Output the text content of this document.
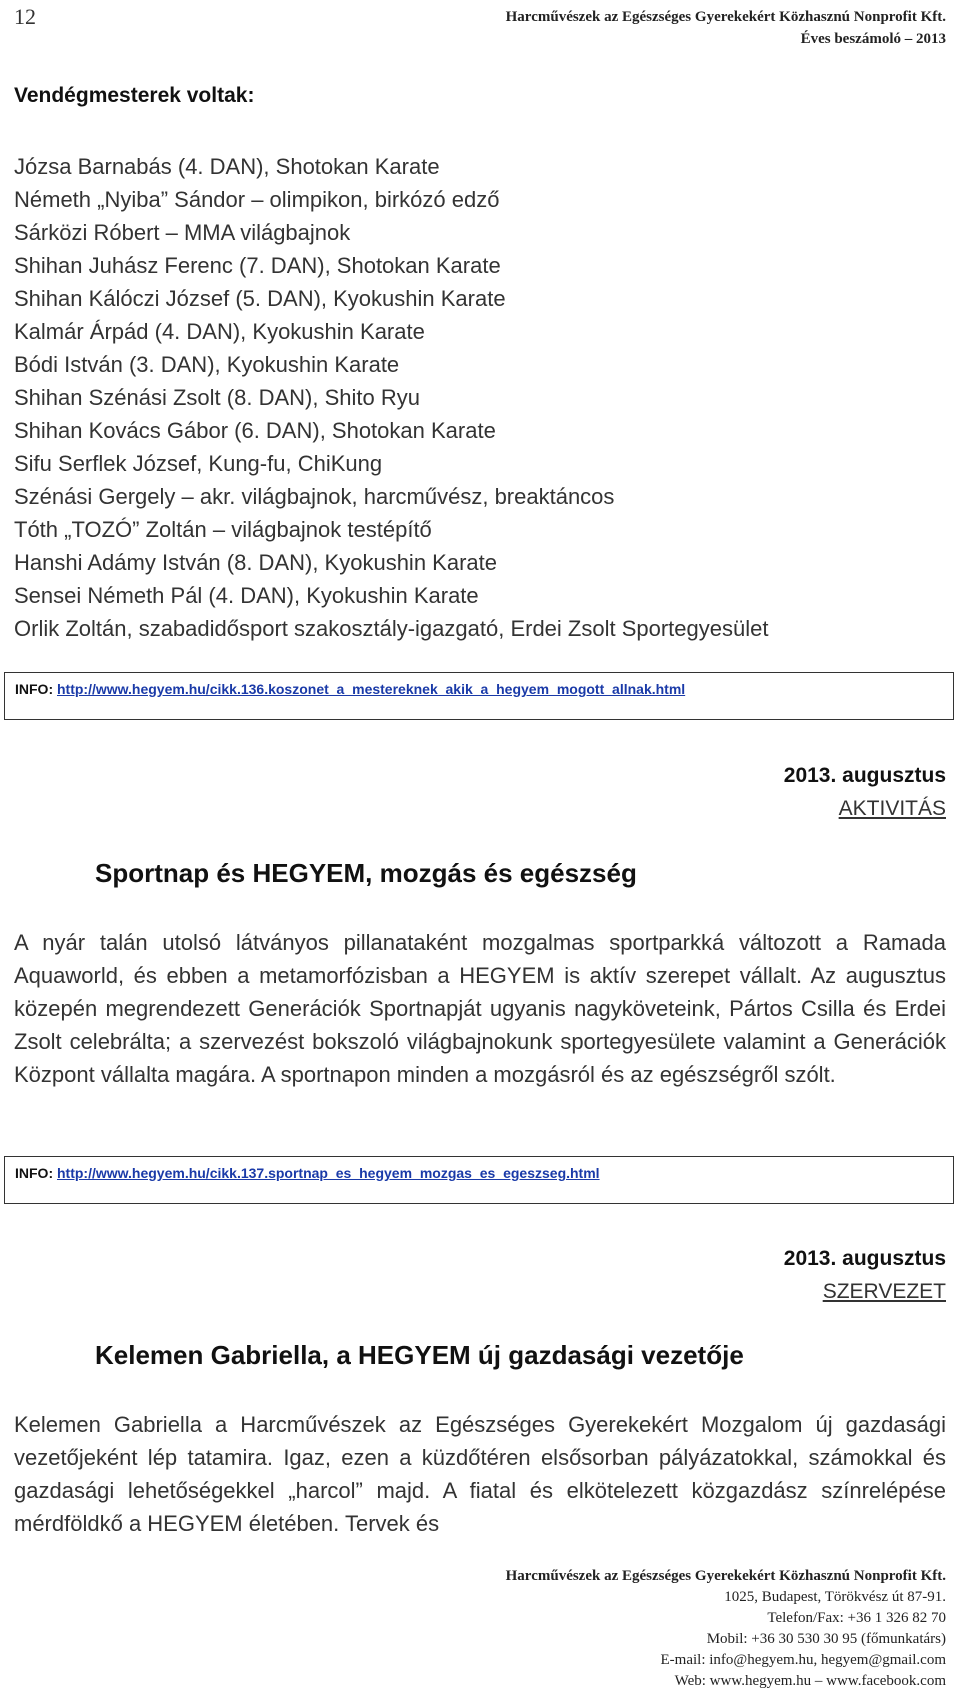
12	Harcművészek az Egészséges Gyerekekért Közhasznú Nonprofit Kft.
Éves beszámoló – 2013
Vendégmesterek voltak:
Józsa Barnabás (4. DAN), Shotokan Karate
Németh „Nyiba” Sándor – olimpikon, birkózó edző
Sárközi Róbert – MMA világbajnok
Shihan Juhász Ferenc (7. DAN), Shotokan Karate
Shihan Kálóczi József (5. DAN), Kyokushin Karate
Kalmár Árpád (4. DAN), Kyokushin Karate
Bódi István (3. DAN), Kyokushin Karate
Shihan Szénási Zsolt (8. DAN), Shito Ryu
Shihan Kovács Gábor (6. DAN), Shotokan Karate
Sifu Serflek József, Kung-fu, ChiKung
Szénási Gergely – akr. világbajnok, harcművész, breaktáncos
Tóth „TOZÓ” Zoltán – világbajnok testépítő
Hanshi Adámy István (8. DAN), Kyokushin Karate
Sensei Németh Pál (4. DAN), Kyokushin Karate
Orlik Zoltán, szabadidősport szakosztály-igazgató, Erdei Zsolt Sportegyesület
INFO: http://www.hegyem.hu/cikk.136.koszonet_a_mestereknek_akik_a_hegyem_mogott_allnak.html
2013. augusztus
AKTIVITÁS
Sportnap és HEGYEM, mozgás és egészség

A nyár talán utolsó látványos pillanataként mozgalmas sportparkká változott a Ramada Aquaworld, és ebben a metamorfózisban a HEGYEM is aktív szerepet vállalt. Az augusztus közepén megrendezett Generációk Sportnapját ugyanis nagyköveteink, Pártos Csilla és Erdei Zsolt celebrálta; a szervezést bokszoló világbajnokunk sportegyesülete valamint a Generációk Központ vállalta magára. A sportnapon minden a mozgásról és az egészségről szólt.

INFO: http://www.hegyem.hu/cikk.137.sportnap_es_hegyem_mozgas_es_egeszseg.html
2013. augusztus
SZERVEZET
Kelemen Gabriella, a HEGYEM új gazdasági vezetője

Kelemen Gabriella a Harcművészek az Egészséges Gyerekekért Mozgalom új gazdasági vezetőjeként lép tatamira. Igaz, ezen a küzdőtéren elsősorban pályázatokkal, számokkal és gazdasági lehetőségekkel „harcol” majd. A fiatal és elkötelezett közgazdász színrelépése mérdföldkő a HEGYEM életében. Tervek és

Harcművészek az Egészséges Gyerekekért Közhasznú Nonprofit Kft.
1025, Budapest, Törökvész út 87-91.
Telefon/Fax: +36 1 326 82 70
Mobil: +36 30 530 30 95 (főmunkatárs)
E-mail: info@hegyem.hu, hegyem@gmail.com
Web: www.hegyem.hu – www.facebook.com
